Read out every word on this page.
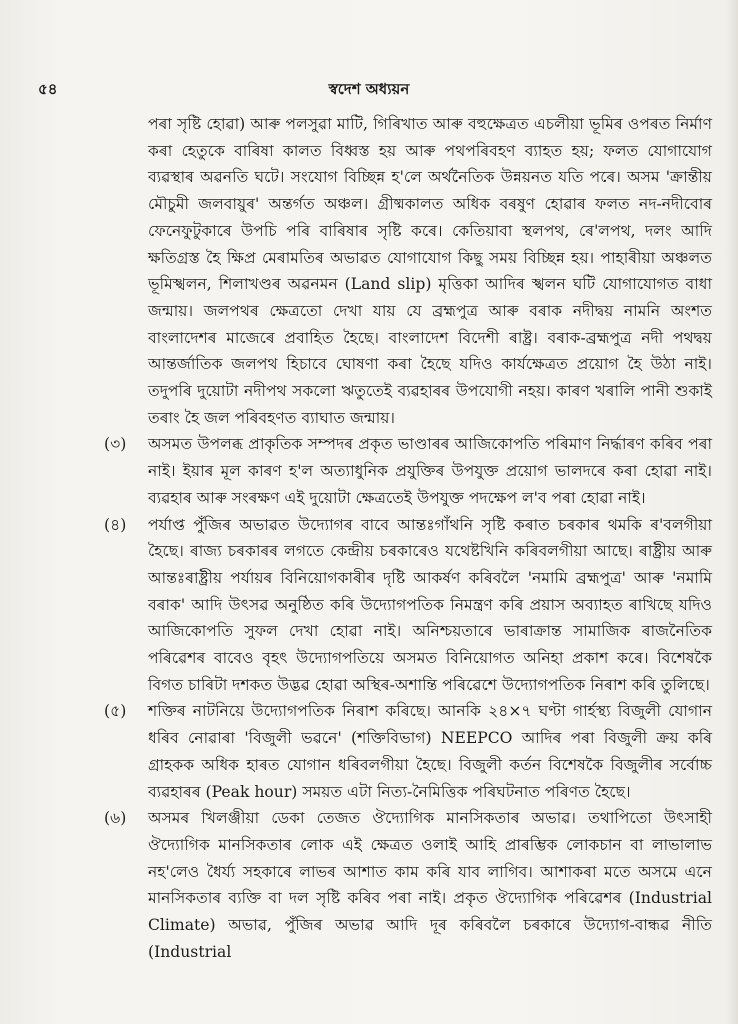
৫৪	স্বদেশ অধ্যয়ন

পৰা সৃষ্টি হোৱা) আৰু পলসুৱা মাটি, গিৰিখাত আৰু বহুক্ষেত্ৰত এচলীয়া ভূমিৰ ওপৰত নিৰ্মাণ কৰা হেতুকে বাৰিষা কালত বিধ্বস্ত হয় আৰু পথপৰিবহণ ব্যাহত হয়; ফলত যোগাযোগ ব্যৱস্থাৰ অৱনতি ঘটে। সংযোগ বিচ্ছিন্ন হ'লে অৰ্থনৈতিক উন্নয়নত যতি পৰে। অসম 'ক্ৰান্তীয় মৌচুমী জলবায়ুৰ' অন্তৰ্গত অঞ্চল। গ্ৰীষ্মকালত অধিক বৰষুণ হোৱাৰ ফলত নদ-নদীবোৰ ফেনেফুটুকাৰে উপচি পৰি বাৰিষাৰ সৃষ্টি কৰে। কেতিয়াবা স্থলপথ, ৰে'লপথ, দলং আদি ক্ষতিগ্ৰস্ত হৈ ক্ষিপ্ৰ মেৰামতিৰ অভাৱত যোগাযোগ কিছু সময় বিচ্ছিন্ন হয়। পাহাৰীয়া অঞ্চলত ভূমিস্খলন, শিলাখণ্ডৰ অৱনমন (Land slip) মৃত্তিকা আদিৰ স্খলন ঘটি যোগাযোগত বাধা জন্মায়। জলপথৰ ক্ষেত্ৰতো দেখা যায় যে ব্ৰহ্মপুত্ৰ আৰু বৰাক নদীদ্বয় নামনি অংশত বাংলাদেশৰ মাজেৰে প্ৰবাহিত হৈছে। বাংলাদেশ বিদেশী ৰাষ্ট্ৰ। বৰাক-ব্ৰহ্মপুত্ৰ নদী পথদ্বয় আন্তৰ্জাতিক জলপথ হিচাবে ঘোষণা কৰা হৈছে যদিও কাৰ্যক্ষেত্ৰত প্ৰয়োগ হৈ উঠা নাই। তদুপৰি দুয়োটা নদীপথ সকলো ঋতুতেই ব্যৱহাৰৰ উপযোগী নহয়। কাৰণ খৰালি পানী শুকাই তৰাং হৈ জল পৰিবহণত ব্যাঘাত জন্মায়।

(৩) অসমত উপলব্ধ প্ৰাকৃতিক সম্পদৰ প্ৰকৃত ভাণ্ডাৰৰ আজিকোপতি পৰিমাণ নিৰ্দ্ধাৰণ কৰিব পৰা নাই। ইয়াৰ মূল কাৰণ হ'ল অত্যাধুনিক প্ৰযুক্তিৰ উপযুক্ত প্ৰয়োগ ভালদৰে কৰা হোৱা নাই। ব্যৱহাৰ আৰু সংৰক্ষণ এই দুয়োটা ক্ষেত্ৰতেই উপযুক্ত পদক্ষেপ ল'ব পৰা হোৱা নাই।

(৪) পৰ্যাপ্ত পুঁজিৰ অভাৱত উদ্যোগৰ বাবে আন্তঃগাঁথনি সৃষ্টি কৰাত চৰকাৰ থমকি ৰ'বলগীয়া হৈছে। ৰাজ্য চৰকাৰৰ লগতে কেন্দ্ৰীয় চৰকাৰেও যথেষ্টখিনি কৰিবলগীয়া আছে। ৰাষ্ট্ৰীয় আৰু আন্তঃৰাষ্ট্ৰীয় পৰ্যায়ৰ বিনিয়োগকাৰীৰ দৃষ্টি আকৰ্ষণ কৰিবলৈ 'নমামি ব্ৰহ্মপুত্ৰ' আৰু 'নমামি বৰাক' আদি উৎসৱ অনুষ্ঠিত কৰি উদ্যোগপতিক নিমন্ত্ৰণ কৰি প্ৰয়াস অব্যাহত ৰাখিছে যদিও আজিকোপতি সুফল দেখা হোৱা নাই। অনিশ্চয়তাৰে ভাৰাক্ৰান্ত সামাজিক ৰাজনৈতিক পৰিৱেশৰ বাবেও বৃহৎ উদ্যোগপতিয়ে অসমত বিনিয়োগত অনিহা প্ৰকাশ কৰে। বিশেষকৈ বিগত চাৰিটা দশকত উদ্ভৱ হোৱা অস্থিৰ-অশান্তি পৰিৱেশে উদ্যোগপতিক নিৰাশ কৰি তুলিছে।

(৫) শক্তিৰ নাটনিয়ে উদ্যোগপতিক নিৰাশ কৰিছে। আনকি ২৪×৭ ঘণ্টা গাৰ্হস্থ্য বিজুলী যোগান ধৰিব নোৱাৰা 'বিজুলী ভৱনে' (শক্তিবিভাগ) NEEPCO আদিৰ পৰা বিজুলী ক্ৰয় কৰি গ্ৰাহকক অধিক হাৰত যোগান ধৰিবলগীয়া হৈছে। বিজুলী কৰ্তন বিশেষকৈ বিজুলীৰ সৰ্বোচ্চ ব্যৱহাৰৰ (Peak hour) সময়ত এটা নিত্য-নৈমিত্তিক পৰিঘটনাত পৰিণত হৈছে।

(৬) অসমৰ খিলঞ্জীয়া ডেকা তেজত ঔদ্যোগিক মানসিকতাৰ অভাৱ। তথাপিতো উৎসাহী ঔদ্যোগিক মানসিকতাৰ লোক এই ক্ষেত্ৰত ওলাই আহি প্ৰাৰম্ভিক লোকচান বা লাভালাভ নহ'লেও ধৈৰ্য্য সহকাৰে লাভৰ আশাত কাম কৰি যাব লাগিব। আশাকৰা মতে অসমে এনে মানসিকতাৰ ব্যক্তি বা দল সৃষ্টি কৰিব পৰা নাই। প্ৰকৃত ঔদ্যোগিক পৰিৱেশৰ (Industrial Climate) অভাৱ, পুঁজিৰ অভাৱ আদি দূৰ কৰিবলৈ চৰকাৰে উদ্যোগ-বান্ধৱ নীতি (Industrial
